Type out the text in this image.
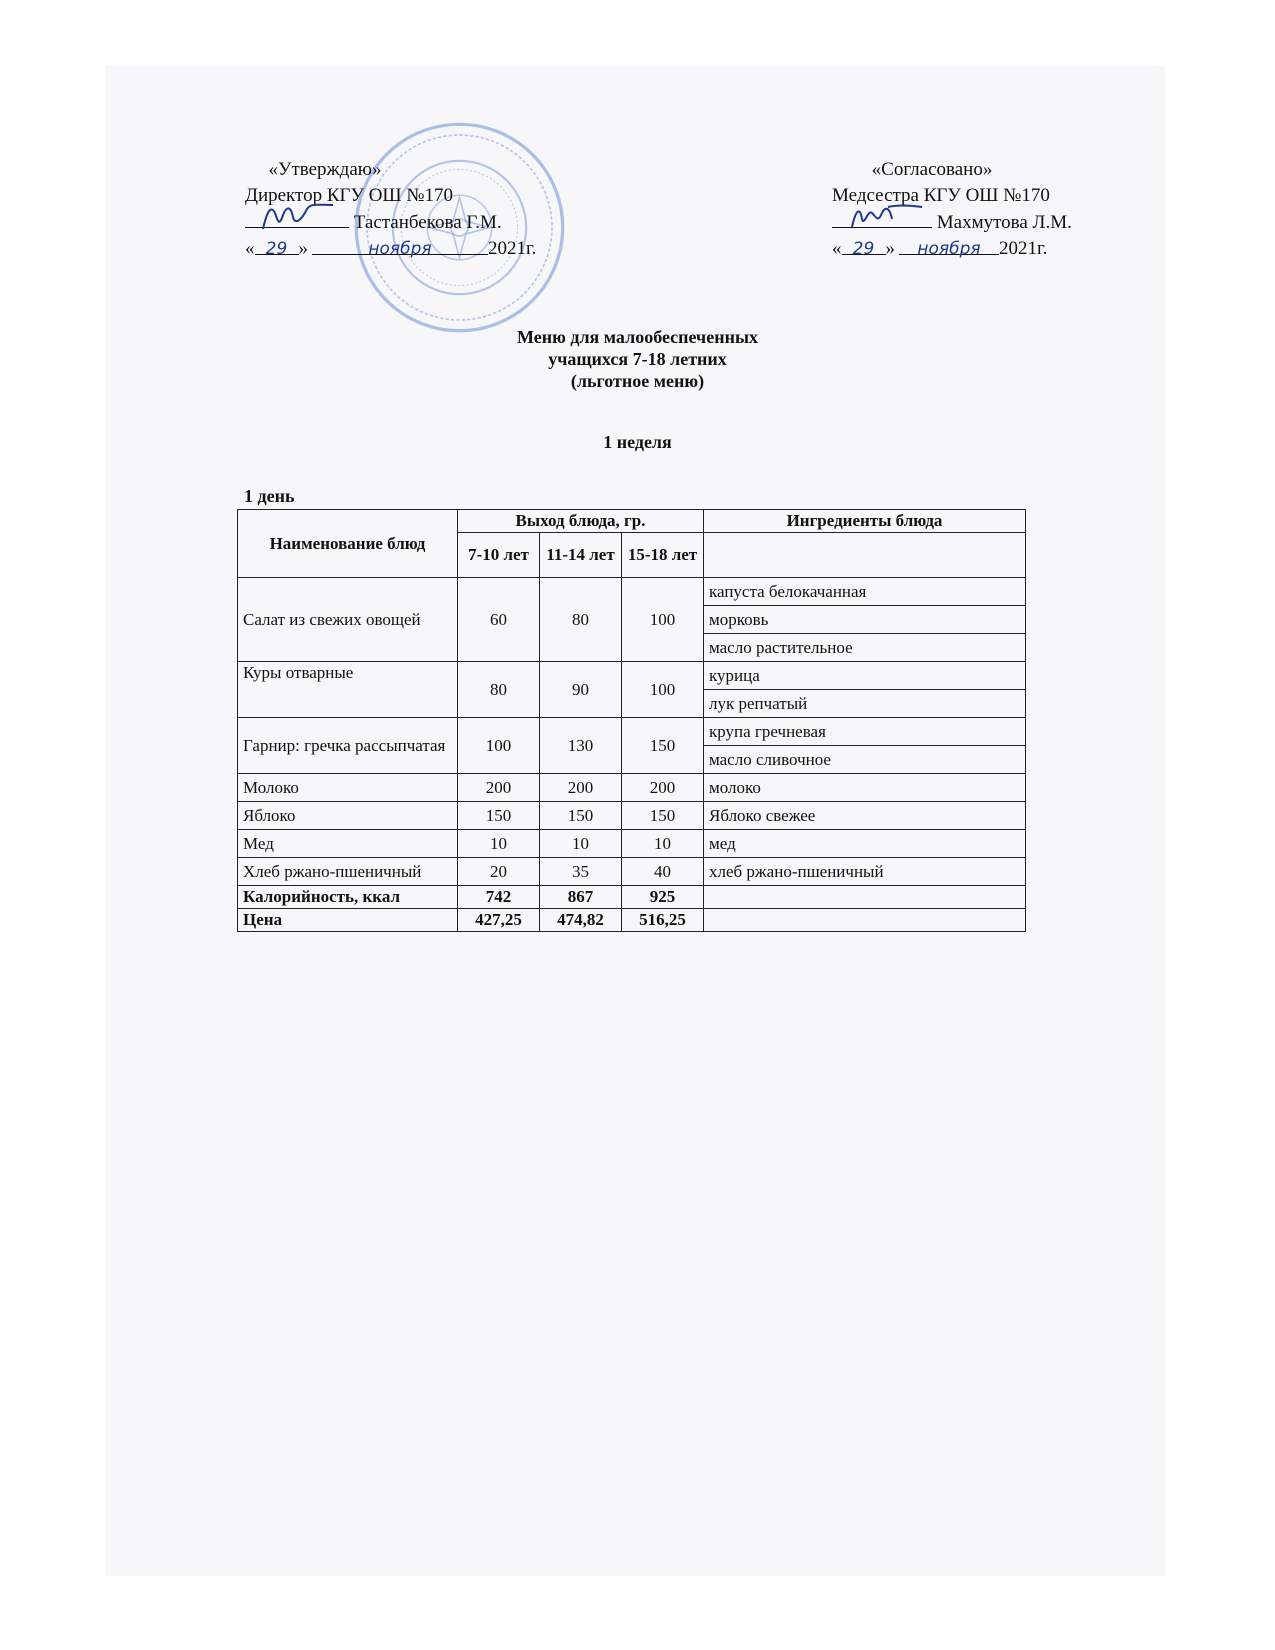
«Утверждаю»
Директор КГУ ОШ №170
Тастанбекова Г.М.
« 29 »	ноября	2021г.
«Согласовано»
Медсестра КГУ ОШ №170
Махмутова Л.М.
« 29 » ноября 2021г.
Меню для малообеспеченных
учащихся 7-18 летних
(льготное меню)
1 неделя
1 день
Наименование блюд	Выход блюда, гр.			Ингредиенты блюда
	7-10 лет	11-14 лет	15-18 лет	
Салат из свежих овощей	60	80	100	капуста белокачанная
				морковь
				масло растительное
Куры отварные	80	90	100	курица
				лук репчатый
Гарнир: гречка рассыпчатая	100	130	150	крупа гречневая
				масло сливочное
Молоко	200	200	200	молоко
Яблоко	150	150	150	Яблоко свежее
Мед	10	10	10	мед
Хлеб ржано-пшеничный	20	35	40	хлеб ржано-пшеничный
Калорийность, ккал	742	867	925	
Цена	427,25	474,82	516,25	
